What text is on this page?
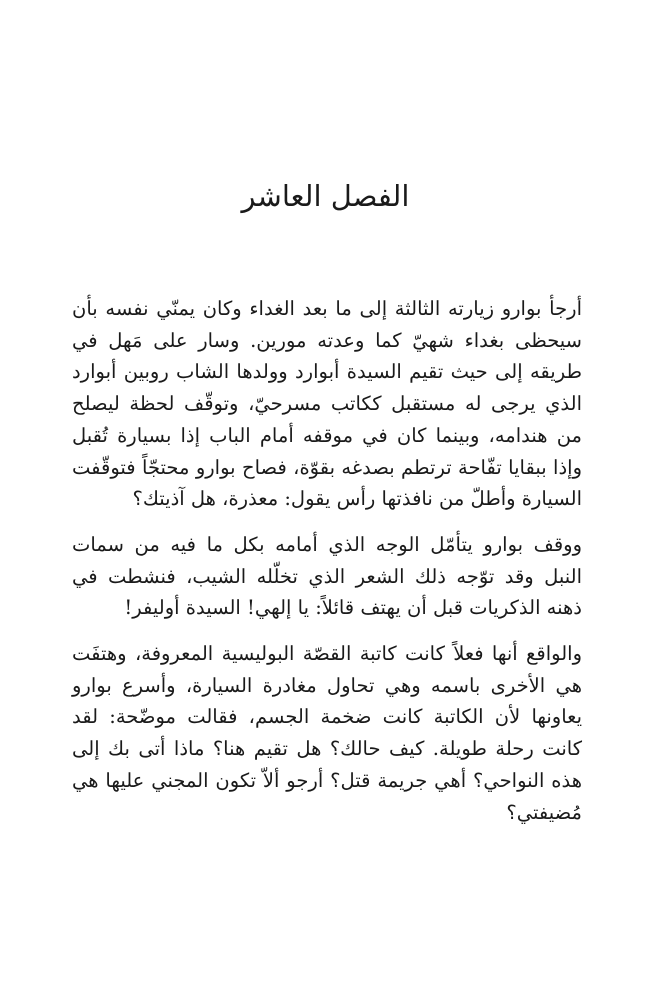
الفصل العاشر

أرجأ بوارو زيارته الثالثة إلى ما بعد الغداء وكان يمنّي نفسه بأن سيحظى بغداء شهيّ كما وعدته مورين. وسار على مَهل في طريقه إلى حيث تقيم السيدة أبوارد وولدها الشاب روبين أبوارد الذي يرجى له مستقبل ككاتب مسرحيّ، وتوقّف لحظة ليصلح من هندامه، وبينما كان في موقفه أمام الباب إذا بسيارة تُقبل وإذا ببقايا تفّاحة ترتطم بصدغه بقوّة، فصاح بوارو محتجّاً فتوقّفت السيارة وأطلّ من نافذتها رأس يقول: معذرة، هل آذيتك؟

ووقف بوارو يتأمّل الوجه الذي أمامه بكل ما فيه من سمات النبل وقد توّجه ذلك الشعر الذي تخلّله الشيب، فنشطت في ذهنه الذكريات قبل أن يهتف قائلاً: يا إلهي! السيدة أوليفر!

والواقع أنها فعلاً كانت كاتبة القصّة البوليسية المعروفة، وهتفَت هي الأخرى باسمه وهي تحاول مغادرة السيارة، وأسرع بوارو يعاونها لأن الكاتبة كانت ضخمة الجسم، فقالت موضّحة: لقد كانت رحلة طويلة. كيف حالك؟ هل تقيم هنا؟ ماذا أتى بك إلى هذه النواحي؟ أهي جريمة قتل؟ أرجو ألاّ تكون المجني عليها هي مُضيفتي؟
